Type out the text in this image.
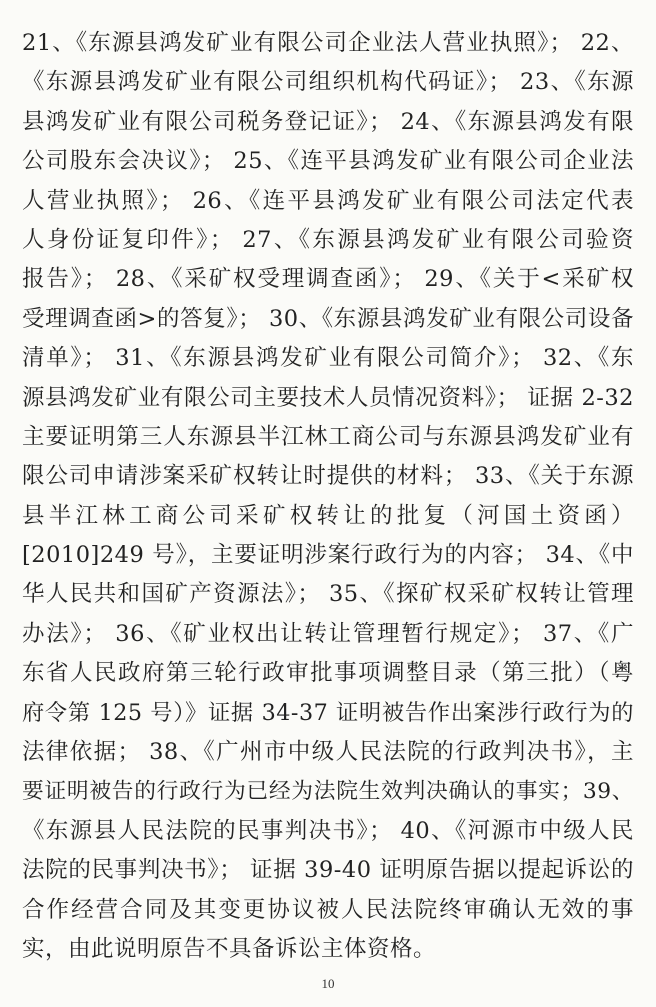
21、《东源县鸿发矿业有限公司企业法人营业执照》； 22、
《东源县鸿发矿业有限公司组织机构代码证》； 23、《东源
县鸿发矿业有限公司税务登记证》； 24、《东源县鸿发有限
公司股东会决议》； 25、《连平县鸿发矿业有限公司企业法
人营业执照》； 26、《连平县鸿发矿业有限公司法定代表
人身份证复印件》； 27、《东源县鸿发矿业有限公司验资
报告》； 28、《采矿权受理调查函》； 29、《关于<采矿权
受理调查函>的答复》； 30、《东源县鸿发矿业有限公司设备
清单》； 31、《东源县鸿发矿业有限公司简介》； 32、《东
源县鸿发矿业有限公司主要技术人员情况资料》； 证据 2-32
主要证明第三人东源县半江林工商公司与东源县鸿发矿业有
限公司申请涉案采矿权转让时提供的材料； 33、《关于东源
县半江林工商公司采矿权转让的批复（河国土资函）
[2010]249 号》，主要证明涉案行政行为的内容； 34、《中
华人民共和国矿产资源法》； 35、《探矿权采矿权转让管理
办法》； 36、《矿业权出让转让管理暂行规定》； 37、《广
东省人民政府第三轮行政审批事项调整目录（第三批）（粤
府令第 125 号）》证据 34-37 证明被告作出案涉行政行为的
法律依据； 38、《广州市中级人民法院的行政判决书》，主
要证明被告的行政行为已经为法院生效判决确认的事实；39、
《东源县人民法院的民事判决书》； 40、《河源市中级人民
法院的民事判决书》； 证据 39-40 证明原告据以提起诉讼的
合作经营合同及其变更协议被人民法院终审确认无效的事
实，由此说明原告不具备诉讼主体资格。
10
